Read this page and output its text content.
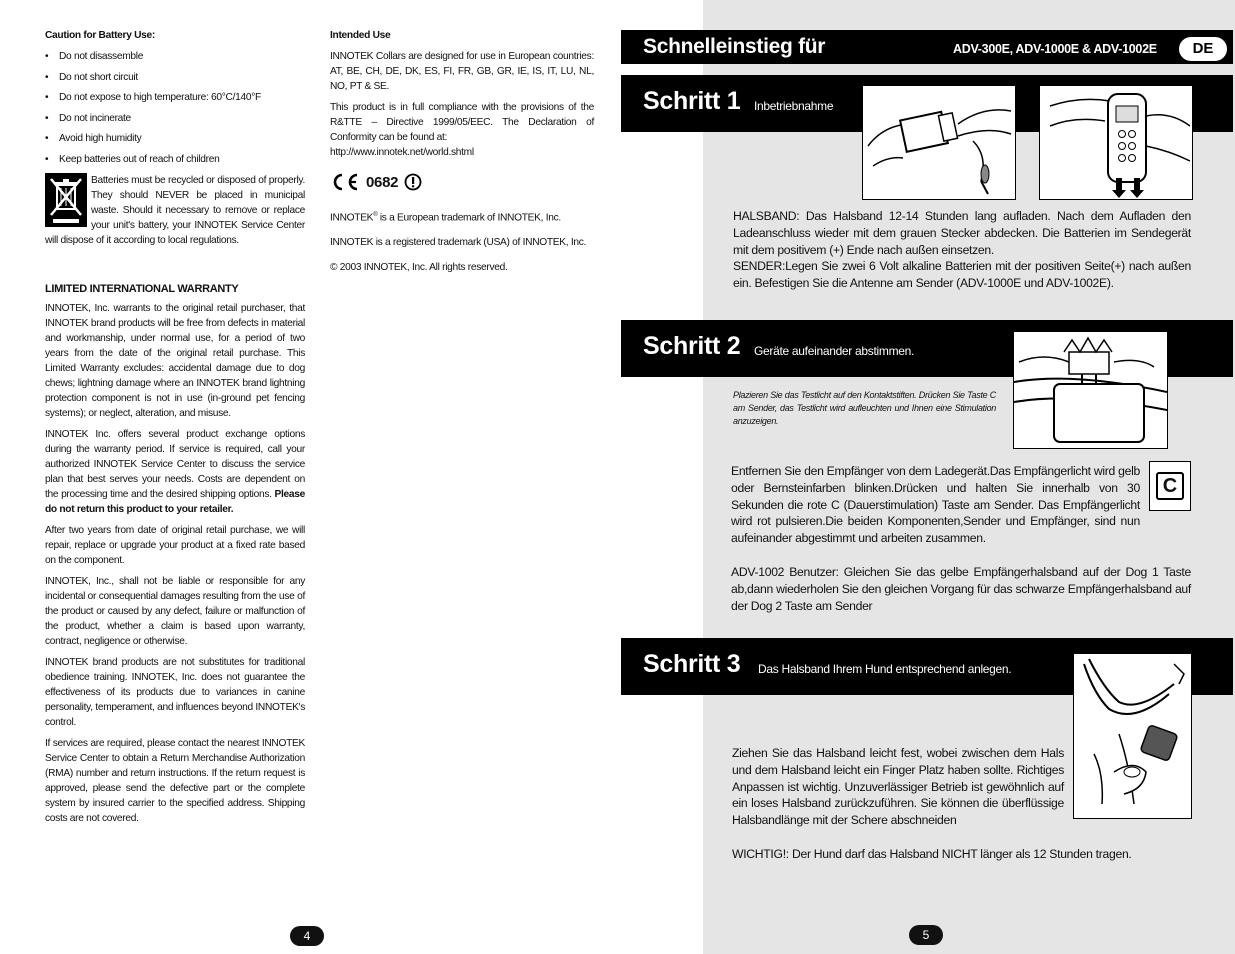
Caution for Battery Use:
• Do not disassemble
• Do not short circuit
• Do not expose to high temperature: 60°C/140°F
• Do not incinerate
• Avoid high humidity
• Keep batteries out of reach of children
Batteries must be recycled or disposed of properly. They should NEVER be placed in municipal waste. Should it necessary to remove or replace your unit's battery, your INNOTEK Service Center will dispose of it according to local regulations.
LIMITED INTERNATIONAL WARRANTY

INNOTEK, Inc. warrants to the original retail purchaser, that INNOTEK brand products will be free from defects in material and workmanship, under normal use, for a period of two years from the date of the original retail purchase. This Limited Warranty excludes: accidental damage due to dog chews; lightning damage where an INNOTEK brand lightning protection component is not in use (in-ground pet fencing systems); or neglect, alteration, and misuse.

INNOTEK Inc. offers several product exchange options during the warranty period. If service is required, call your authorized INNOTEK Service Center to discuss the service plan that best serves your needs. Costs are dependent on the processing time and the desired shipping options. Please do not return this product to your retailer.

After two years from date of original retail purchase, we will repair, replace or upgrade your product at a fixed rate based on the component.

INNOTEK, Inc., shall not be liable or responsible for any incidental or consequential damages resulting from the use of the product or caused by any defect, failure or malfunction of the product, whether a claim is based upon warranty, contract, negligence or otherwise.

INNOTEK brand products are not substitutes for traditional obedience training. INNOTEK, Inc. does not guarantee the effectiveness of its products due to variances in canine personality, temperament, and influences beyond INNOTEK's control.

If services are required, please contact the nearest INNOTEK Service Center to obtain a Return Merchandise Authorization (RMA) number and return instructions. If the return request is approved, please send the defective part or the complete system by insured carrier to the specified address. Shipping costs are not covered.

Intended Use

INNOTEK Collars are designed for use in European countries: AT, BE, CH, DE, DK, ES, FI, FR, GB, GR, IE, IS, IT, LU, NL, NO, PT & SE.

This product is in full compliance with the provisions of the R&TTE – Directive 1999/05/EEC. The Declaration of Conformity can be found at:

http://www.innotek.net/world.shtml
0682
INNOTEK® is a European trademark of INNOTEK, Inc.
INNOTEK is a registered trademark (USA) of INNOTEK, Inc.
© 2003 INNOTEK, Inc. All rights reserved.
4
Schnelleinstieg für	ADV-300E, ADV-1000E & ADV-1002E	DE
Schritt 1 Inbetriebnahme
HALSBAND: Das Halsband 12-14 Stunden lang aufladen. Nach dem Aufladen den Ladeanschluss wieder mit dem grauen Stecker abdecken. Die Batterien im Sendegerät mit dem positivem (+) Ende nach außen einsetzen.
SENDER:Legen Sie zwei 6 Volt alkaline Batterien mit der positiven Seite(+) nach außen ein. Befestigen Sie die Antenne am Sender (ADV-1000E und ADV-1002E).
Schritt 2 Geräte aufeinander abstimmen.
Plazieren Sie das Testlicht auf den Kontaktstiften. Drücken Sie Taste C am Sender, das Testlicht wird aufleuchten und Ihnen eine Stimulation anzuzeigen.
Entfernen Sie den Empfänger von dem Ladegerät.Das Empfängerlicht wird gelb oder Bernsteinfarben blinken.Drücken und halten Sie innerhalb von 30 Sekunden die rote C (Dauerstimulation) Taste am Sender. Das Empfängerlicht wird rot pulsieren.Die beiden Komponenten,Sender und Empfänger, sind nun aufeinander abgestimmt und arbeiten zusammen.
C
ADV-1002 Benutzer: Gleichen Sie das gelbe Empfängerhalsband auf der Dog 1 Taste ab,dann wiederholen Sie den gleichen Vorgang für das schwarze Empfängerhalsband auf der Dog 2 Taste am Sender
Schritt 3 Das Halsband Ihrem Hund entsprechend anlegen.
Ziehen Sie das Halsband leicht fest, wobei zwischen dem Hals und dem Halsband leicht ein Finger Platz haben sollte. Richtiges Anpassen ist wichtig. Unzuverlässiger Betrieb ist gewöhnlich auf ein loses Halsband zurückzuführen. Sie können die überflüssige Halsbandlänge mit der Schere abschneiden
WICHTIG!: Der Hund darf das Halsband NICHT länger als 12 Stunden tragen.
5
